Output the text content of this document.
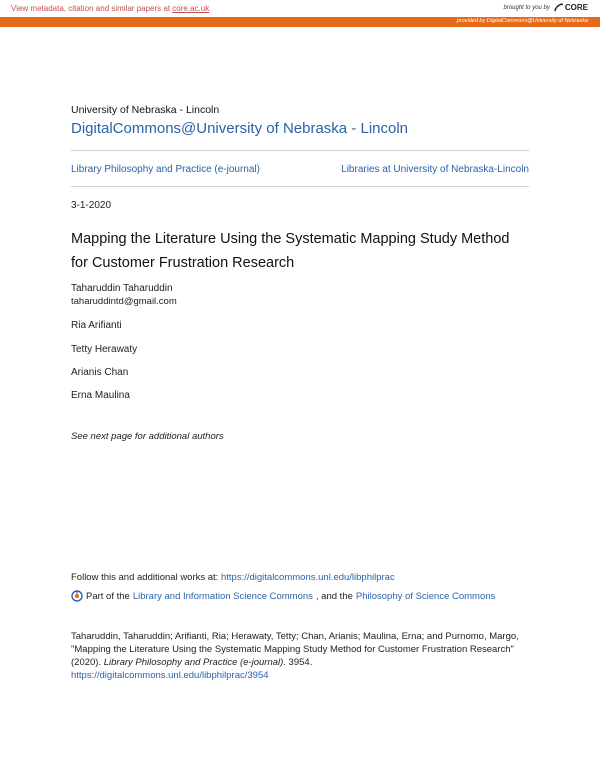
View metadata, citation and similar papers at core.ac.uk	brought to you by CORE
provided by DigitalCommons@University of Nebraska
University of Nebraska - Lincoln
DigitalCommons@University of Nebraska - Lincoln
Library Philosophy and Practice (e-journal)	Libraries at University of Nebraska-Lincoln
3-1-2020
Mapping the Literature Using the Systematic Mapping Study Method for Customer Frustration Research
Taharuddin Taharuddin
taharuddintd@gmail.com
Ria Arifianti
Tetty Herawaty
Arianis Chan
Erna Maulina
See next page for additional authors
Follow this and additional works at: https://digitalcommons.unl.edu/libphilprac
Part of the Library and Information Science Commons , and the Philosophy of Science Commons
Taharuddin, Taharuddin; Arifianti, Ria; Herawaty, Tetty; Chan, Arianis; Maulina, Erna; and Purnomo, Margo,
"Mapping the Literature Using the Systematic Mapping Study Method for Customer Frustration Research"
(2020). Library Philosophy and Practice (e-journal). 3954.
https://digitalcommons.unl.edu/libphilprac/3954
